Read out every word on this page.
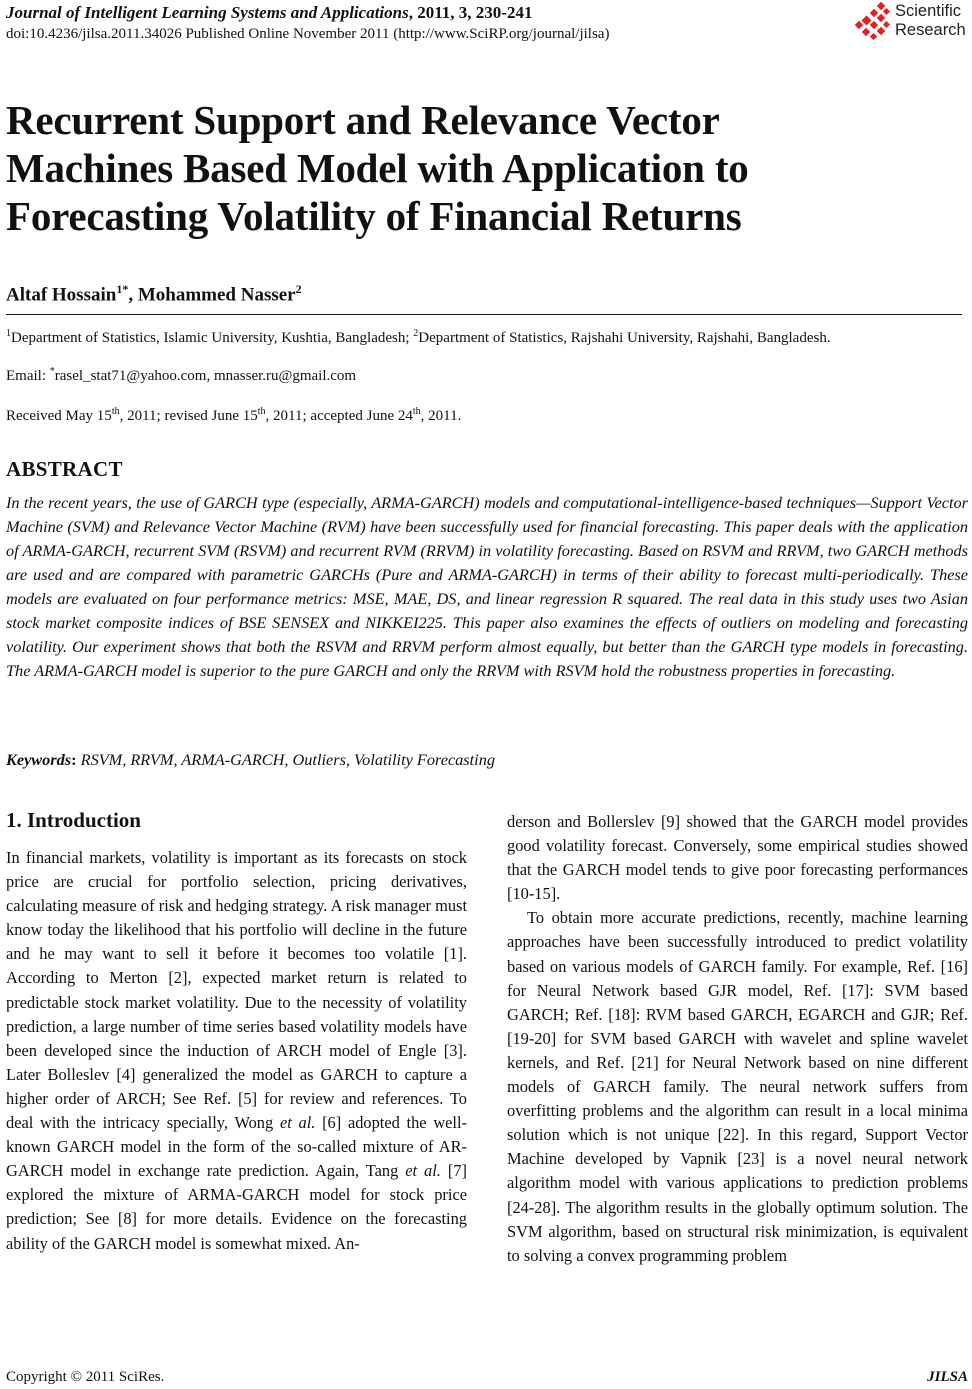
Journal of Intelligent Learning Systems and Applications, 2011, 3, 230-241
doi:10.4236/jilsa.2011.34026 Published Online November 2011 (http://www.SciRP.org/journal/jilsa)
Scientific
Research
Recurrent Support and Relevance Vector
Machines Based Model with Application to
Forecasting Volatility of Financial Returns
Altaf Hossain$^{1*}$, Mohammed Nasser$^2$
$^1$Department of Statistics, Islamic University, Kushtia, Bangladesh; $^2$Department of Statistics, Rajshahi University, Rajshahi, Bangladesh.
Email: *rasel_stat71@yahoo.com, mnasser.ru@gmail.com
Received May 15th, 2011; revised June 15th, 2011; accepted June 24th, 2011.
ABSTRACT
In the recent years, the use of GARCH type (especially, ARMA-GARCH) models and computational-intelligence-based techniques—Support Vector Machine (SVM) and Relevance Vector Machine (RVM) have been successfully used for financial forecasting. This paper deals with the application of ARMA-GARCH, recurrent SVM (RSVM) and recurrent RVM (RRVM) in volatility forecasting. Based on RSVM and RRVM, two GARCH methods are used and are compared with parametric GARCHs (Pure and ARMA-GARCH) in terms of their ability to forecast multi-periodically. These models are evaluated on four performance metrics: MSE, MAE, DS, and linear regression R squared. The real data in this study uses two Asian stock market composite indices of BSE SENSEX and NIKKEI225. This paper also examines the effects of outliers on modeling and forecasting volatility. Our experiment shows that both the RSVM and RRVM perform almost equally, but better than the GARCH type models in forecasting. The ARMA-GARCH model is superior to the pure GARCH and only the RRVM with RSVM hold the robustness properties in forecasting.
Keywords: RSVM, RRVM, ARMA-GARCH, Outliers, Volatility Forecasting
1. Introduction

In financial markets, volatility is important as its forecasts on stock price are crucial for portfolio selection, pricing derivatives, calculating measure of risk and hedging strategy. A risk manager must know today the likelihood that his portfolio will decline in the future and he may want to sell it before it becomes too volatile [1]. According to Merton [2], expected market return is related to predictable stock market volatility. Due to the necessity of volatility prediction, a large number of time series based volatility models have been developed since the induction of ARCH model of Engle [3]. Later Bolleslev [4] generalized the model as GARCH to capture a higher order of ARCH; See Ref. [5] for review and references. To deal with the intricacy specially, Wong et al. [6] adopted the well-known GARCH model in the form of the so-called mixture of AR-GARCH model in exchange rate prediction. Again, Tang et al. [7] explored the mixture of ARMA-GARCH model for stock price prediction; See [8] for more details. Evidence on the forecasting ability of the GARCH model is somewhat mixed. An-

derson and Bollerslev [9] showed that the GARCH model provides good volatility forecast. Conversely, some empirical studies showed that the GARCH model tends to give poor forecasting performances [10-15].

To obtain more accurate predictions, recently, machine learning approaches have been successfully introduced to predict volatility based on various models of GARCH family. For example, Ref. [16] for Neural Network based GJR model, Ref. [17]: SVM based GARCH; Ref. [18]: RVM based GARCH, EGARCH and GJR; Ref. [19-20] for SVM based GARCH with wavelet and spline wavelet kernels, and Ref. [21] for Neural Network based on nine different models of GARCH family. The neural network suffers from overfitting problems and the algorithm can result in a local minima solution which is not unique [22]. In this regard, Support Vector Machine developed by Vapnik [23] is a novel neural network algorithm model with various applications to prediction problems [24-28]. The algorithm results in the globally optimum solution. The SVM algorithm, based on structural risk minimization, is equivalent to solving a convex programming problem

Copyright © 2011 SciRes.	JILSA
